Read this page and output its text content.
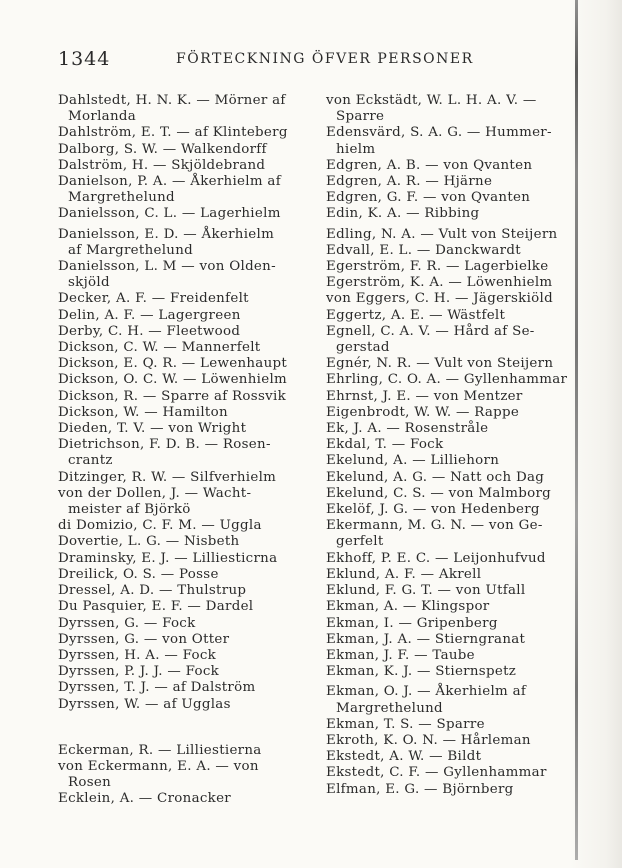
1344	FÖRTECKNING ÖFVER PERSONER
Dahlstedt, H. N. K. — Mörner af
Morlanda
Dahlström, E. T. — af Klinteberg
Dalborg, S. W. — Walkendorff
Dalström, H. — Skjöldebrand
Danielson, P. A. — Åkerhielm af
Margrethelund
Danielsson, C. L. — Lagerhielm
Danielsson, E. D. — Åkerhielm
af Margrethelund
Danielsson, L. M — von Olden-
skjöld
Decker, A. F. — Freidenfelt
Delin, A. F. — Lagergreen
Derby, C. H. — Fleetwood
Dickson, C. W. — Mannerfelt
Dickson, E. Q. R. — Lewenhaupt
Dickson, O. C. W. — Löwenhielm
Dickson, R. — Sparre af Rossvik
Dickson, W. — Hamilton
Dieden, T. V. — von Wright
Dietrichson, F. D. B. — Rosen-
crantz
Ditzinger, R. W. — Silfverhielm
von der Dollen, J. — Wacht-
meister af Björkö
di Domizio, C. F. M. — Uggla
Dovertie, L. G. — Nisbeth
Draminsky, E. J. — Lilliesticrna
Dreilick, O. S. — Posse
Dressel, A. D. — Thulstrup
Du Pasquier, E. F. — Dardel
Dyrssen, G. — Fock
Dyrssen, G. — von Otter
Dyrssen, H. A. — Fock
Dyrssen, P. J. J. — Fock
Dyrssen, T. J. — af Dalström
Dyrssen, W. — af Ugglas
Eckerman, R. — Lilliestierna
von Eckermann, E. A. — von
Rosen
Ecklein, A. — Cronacker
von Eckstädt, W. L. H. A. V. —
Sparre
Edensvärd, S. A. G. — Hummer-
hielm
Edgren, A. B. — von Qvanten
Edgren, A. R. — Hjärne
Edgren, G. F. — von Qvanten
Edin, K. A. — Ribbing
Edling, N. A. — Vult von Steijern
Edvall, E. L. — Danckwardt
Egerström, F. R. — Lagerbielke
Egerström, K. A. — Löwenhielm
von Eggers, C. H. — Jägerskiöld
Eggertz, A. E. — Wästfelt
Egnell, C. A. V. — Hård af Se-
gerstad
Egnér, N. R. — Vult von Steijern
Ehrling, C. O. A. — Gyllenhammar
Ehrnst, J. E. — von Mentzer
Eigenbrodt, W. W. — Rappe
Ek, J. A. — Rosenstråle
Ekdal, T. — Fock
Ekelund, A. — Lilliehorn
Ekelund, A. G. — Natt och Dag
Ekelund, C. S. — von Malmborg
Ekelöf, J. G. — von Hedenberg
Ekermann, M. G. N. — von Ge-
gerfelt
Ekhoff, P. E. C. — Leijonhufvud
Eklund, A. F. — Akrell
Eklund, F. G. T. — von Utfall
Ekman, A. — Klingspor
Ekman, I. — Gripenberg
Ekman, J. A. — Stierngranat
Ekman, J. F. — Taube
Ekman, K. J. — Stiernspetz
Ekman, O. J. — Åkerhielm af
Margrethelund
Ekman, T. S. — Sparre
Ekroth, K. O. N. — Hårleman
Ekstedt, A. W. — Bildt
Ekstedt, C. F. — Gyllenhammar
Elfman, E. G. — Björnberg
